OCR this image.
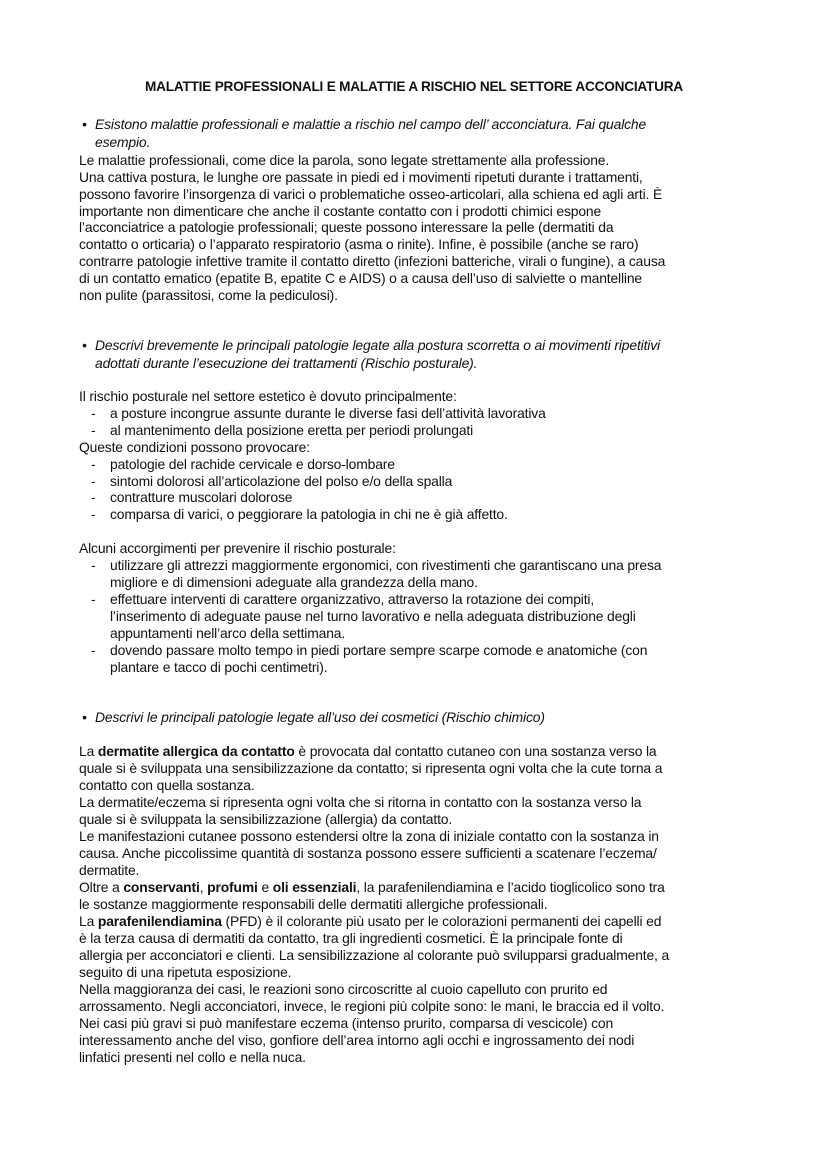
MALATTIE PROFESSIONALI E MALATTIE A RISCHIO NEL SETTORE ACCONCIATURA
• Esistono malattie professionali e malattie a rischio nel campo dell’ acconciatura. Fai qualche
esempio.
Le malattie professionali, come dice la parola, sono legate strettamente alla professione.
Una cattiva postura, le lunghe ore passate in piedi ed i movimenti ripetuti durante i trattamenti,
possono favorire l’insorgenza di varici o problematiche osseo-articolari, alla schiena ed agli arti. È
importante non dimenticare che anche il costante contatto con i prodotti chimici espone
l’acconciatrice a patologie professionali; queste possono interessare la pelle (dermatiti da
contatto o orticaria) o l’apparato respiratorio (asma o rinite). Infine, è possibile (anche se raro)
contrarre patologie infettive tramite il contatto diretto (infezioni batteriche, virali o fungine), a causa
di un contatto ematico (epatite B, epatite C e AIDS) o a causa dell’uso di salviette o mantelline
non pulite (parassitosi, come la pediculosi).
• Descrivi brevemente le principali patologie legate alla postura scorretta o ai movimenti ripetitivi
adottati durante l’esecuzione dei trattamenti (Rischio posturale).
Il rischio posturale nel settore estetico è dovuto principalmente:
- a posture incongrue assunte durante le diverse fasi dell’attività lavorativa
- al mantenimento della posizione eretta per periodi prolungati
Queste condizioni possono provocare:
- patologie del rachide cervicale e dorso-lombare
- sintomi dolorosi all’articolazione del polso e/o della spalla
- contratture muscolari dolorose
- comparsa di varici, o peggiorare la patologia in chi ne è già affetto.
Alcuni accorgimenti per prevenire il rischio posturale:
- utilizzare gli attrezzi maggiormente ergonomici, con rivestimenti che garantiscano una presa
migliore e di dimensioni adeguate alla grandezza della mano.
- effettuare interventi di carattere organizzativo, attraverso la rotazione dei compiti,
l’inserimento di adeguate pause nel turno lavorativo e nella adeguata distribuzione degli
appuntamenti nell’arco della settimana.
- dovendo passare molto tempo in piedi portare sempre scarpe comode e anatomiche (con
plantare e tacco di pochi centimetri).
• Descrivi le principali patologie legate all’uso dei cosmetici (Rischio chimico)
La dermatite allergica da contatto è provocata dal contatto cutaneo con una sostanza verso la
quale si è sviluppata una sensibilizzazione da contatto; si ripresenta ogni volta che la cute torna a
contatto con quella sostanza.
La dermatite/eczema si ripresenta ogni volta che si ritorna in contatto con la sostanza verso la
quale si è sviluppata la sensibilizzazione (allergia) da contatto.
Le manifestazioni cutanee possono estendersi oltre la zona di iniziale contatto con la sostanza in
causa. Anche piccolissime quantità di sostanza possono essere sufficienti a scatenare l’eczema/
dermatite.
Oltre a conservanti, profumi e oli essenziali, la parafenilendiamina e l’acido tioglicolico sono tra
le sostanze maggiormente responsabili delle dermatiti allergiche professionali.
La parafenilendiamina (PFD) è il colorante più usato per le colorazioni permanenti dei capelli ed
è la terza causa di dermatiti da contatto, tra gli ingredienti cosmetici. È la principale fonte di
allergia per acconciatori e clienti. La sensibilizzazione al colorante può svilupparsi gradualmente, a
seguito di una ripetuta esposizione.
Nella maggioranza dei casi, le reazioni sono circoscritte al cuoio capelluto con prurito ed
arrossamento. Negli acconciatori, invece, le regioni più colpite sono: le mani, le braccia ed il volto.
Nei casi più gravi si può manifestare eczema (intenso prurito, comparsa di vescicole) con
interessamento anche del viso, gonfiore dell’area intorno agli occhi e ingrossamento dei nodi
linfatici presenti nel collo e nella nuca.
